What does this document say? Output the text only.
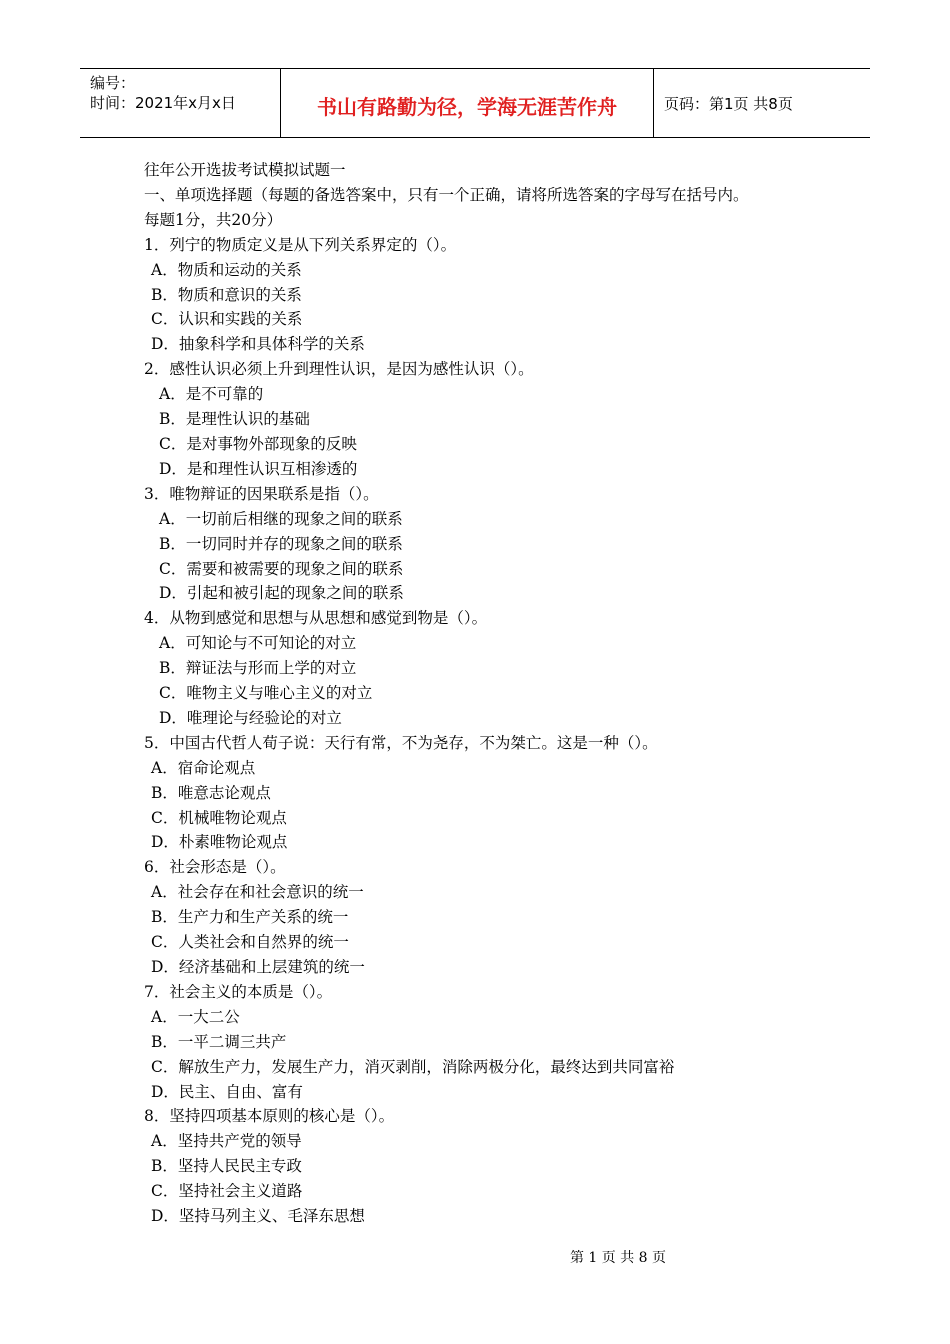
编号：
时间：2021年x月x日	书山有路勤为径，学海无涯苦作舟	页码：第1页 共8页
往年公开选拔考试模拟试题一
一、单项选择题（每题的备选答案中，只有一个正确，请将所选答案的字母写在括号内。
每题1分，共20分）
1．列宁的物质定义是从下列关系界定的（）。
A．物质和运动的关系
B．物质和意识的关系
C．认识和实践的关系
D．抽象科学和具体科学的关系
2．感性认识必须上升到理性认识，是因为感性认识（）。
A．是不可靠的
B．是理性认识的基础
C．是对事物外部现象的反映
D．是和理性认识互相渗透的
3．唯物辩证的因果联系是指（）。
A．一切前后相继的现象之间的联系
B．一切同时并存的现象之间的联系
C．需要和被需要的现象之间的联系
D．引起和被引起的现象之间的联系
4．从物到感觉和思想与从思想和感觉到物是（）。
A．可知论与不可知论的对立
B．辩证法与形而上学的对立
C．唯物主义与唯心主义的对立
D．唯理论与经验论的对立
5．中国古代哲人荀子说：天行有常，不为尧存，不为桀亡。这是一种（）。
A．宿命论观点
B．唯意志论观点
C．机械唯物论观点
D．朴素唯物论观点
6．社会形态是（）。
A．社会存在和社会意识的统一
B．生产力和生产关系的统一
C．人类社会和自然界的统一
D．经济基础和上层建筑的统一
7．社会主义的本质是（）。
A．一大二公
B．一平二调三共产
C．解放生产力，发展生产力，消灭剥削，消除两极分化，最终达到共同富裕
D．民主、自由、富有
8．坚持四项基本原则的核心是（）。
A．坚持共产党的领导
B．坚持人民民主专政
C．坚持社会主义道路
D．坚持马列主义、毛泽东思想
第 1 页 共 8 页
